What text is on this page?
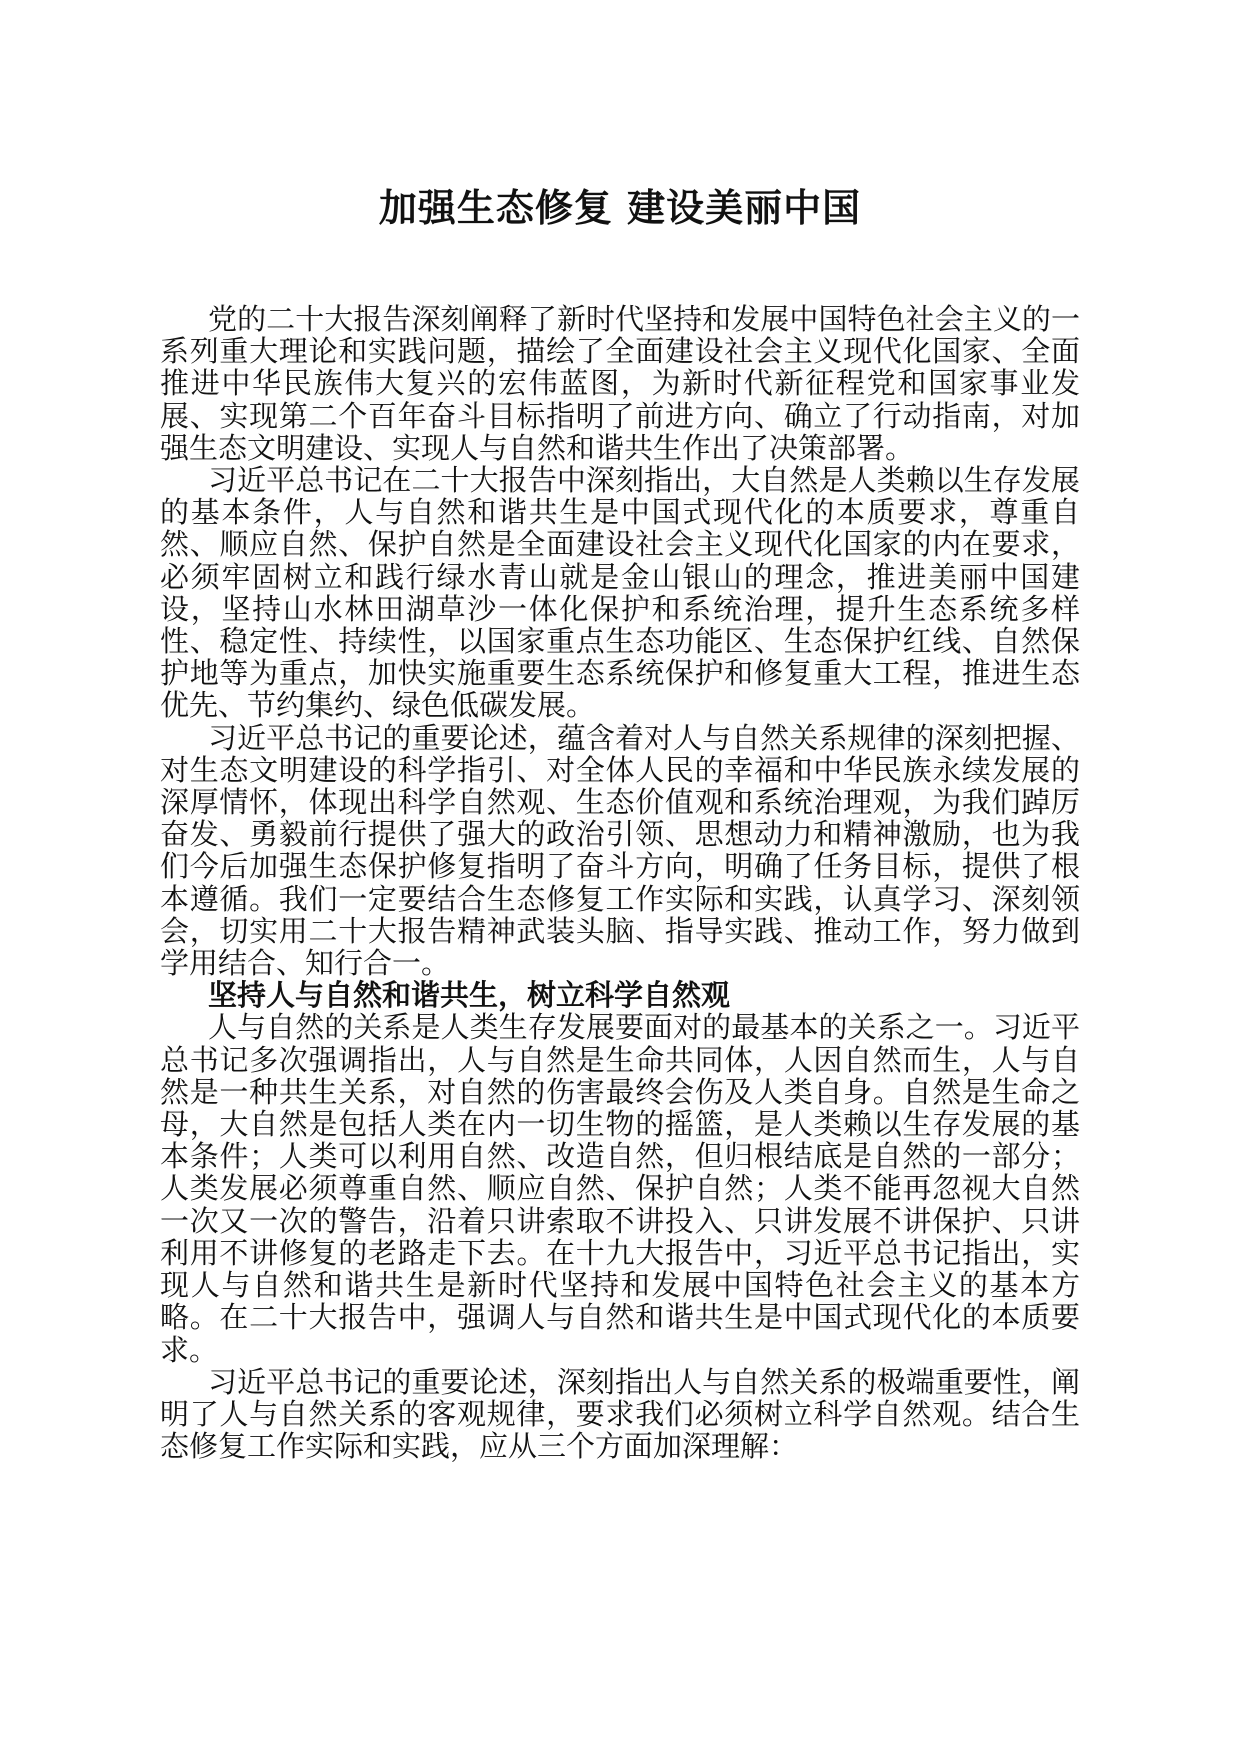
加强生态修复 建设美丽中国

党的二十大报告深刻阐释了新时代坚持和发展中国特色社会主义的一系列重大理论和实践问题，描绘了全面建设社会主义现代化国家、全面推进中华民族伟大复兴的宏伟蓝图，为新时代新征程党和国家事业发展、实现第二个百年奋斗目标指明了前进方向、确立了行动指南，对加强生态文明建设、实现人与自然和谐共生作出了决策部署。

习近平总书记在二十大报告中深刻指出，大自然是人类赖以生存发展的基本条件，人与自然和谐共生是中国式现代化的本质要求，尊重自然、顺应自然、保护自然是全面建设社会主义现代化国家的内在要求，必须牢固树立和践行绿水青山就是金山银山的理念，推进美丽中国建设，坚持山水林田湖草沙一体化保护和系统治理，提升生态系统多样性、稳定性、持续性，以国家重点生态功能区、生态保护红线、自然保护地等为重点，加快实施重要生态系统保护和修复重大工程，推进生态优先、节约集约、绿色低碳发展。

习近平总书记的重要论述，蕴含着对人与自然关系规律的深刻把握、对生态文明建设的科学指引、对全体人民的幸福和中华民族永续发展的深厚情怀，体现出科学自然观、生态价值观和系统治理观，为我们踔厉奋发、勇毅前行提供了强大的政治引领、思想动力和精神激励，也为我们今后加强生态保护修复指明了奋斗方向，明确了任务目标，提供了根本遵循。我们一定要结合生态修复工作实际和实践，认真学习、深刻领会，切实用二十大报告精神武装头脑、指导实践、推动工作，努力做到学用结合、知行合一。

坚持人与自然和谐共生，树立科学自然观

人与自然的关系是人类生存发展要面对的最基本的关系之一。习近平总书记多次强调指出，人与自然是生命共同体，人因自然而生，人与自然是一种共生关系，对自然的伤害最终会伤及人类自身。自然是生命之母，大自然是包括人类在内一切生物的摇篮，是人类赖以生存发展的基本条件；人类可以利用自然、改造自然，但归根结底是自然的一部分；人类发展必须尊重自然、顺应自然、保护自然；人类不能再忽视大自然一次又一次的警告，沿着只讲索取不讲投入、只讲发展不讲保护、只讲利用不讲修复的老路走下去。在十九大报告中，习近平总书记指出，实现人与自然和谐共生是新时代坚持和发展中国特色社会主义的基本方略。在二十大报告中，强调人与自然和谐共生是中国式现代化的本质要求。

习近平总书记的重要论述，深刻指出人与自然关系的极端重要性，阐明了人与自然关系的客观规律，要求我们必须树立科学自然观。结合生态修复工作实际和实践，应从三个方面加深理解：
